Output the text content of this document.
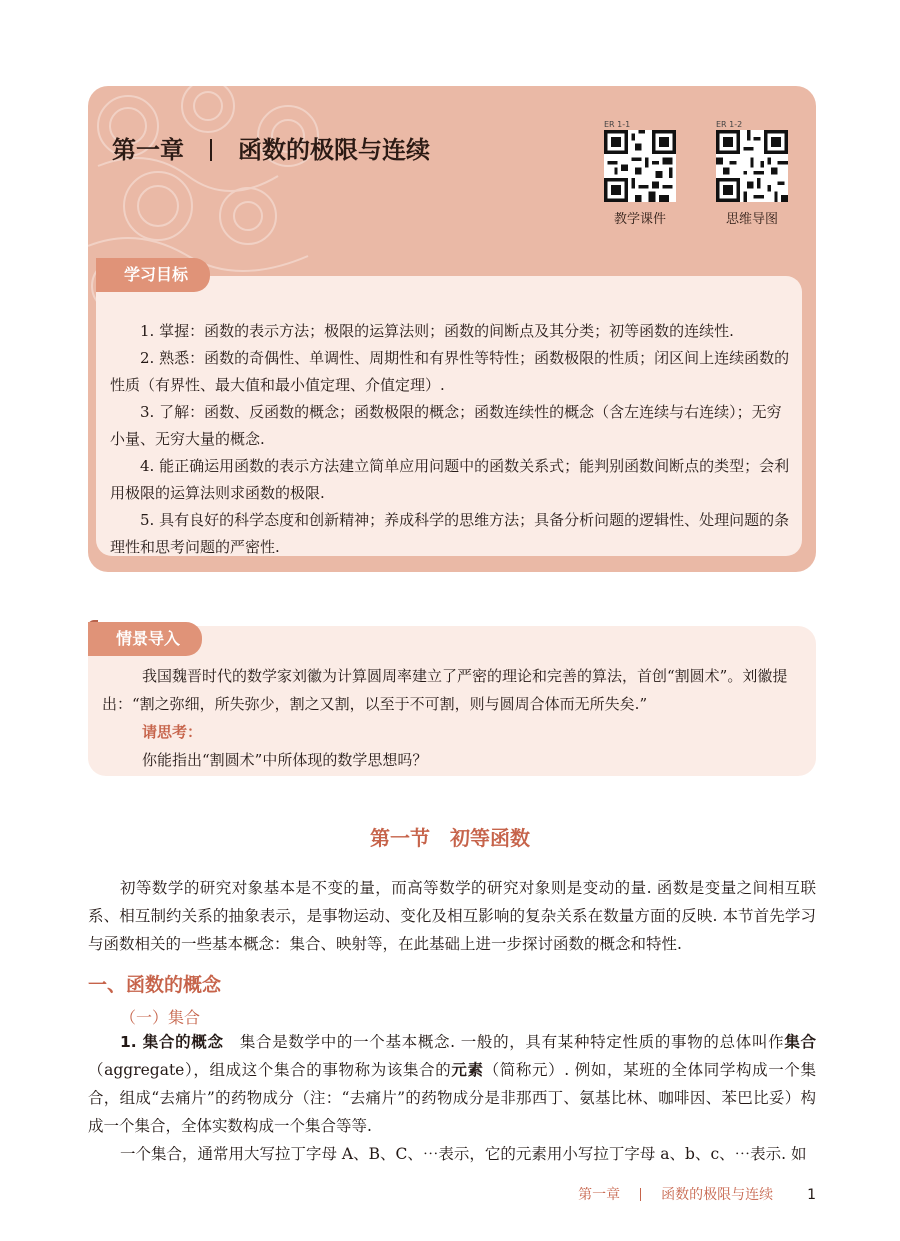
第一章 函数的极限与连续
ER 1-1
教学课件
ER 1-2
思维导图
学习目标

1. 掌握：函数的表示方法；极限的运算法则；函数的间断点及其分类；初等函数的连续性.

2. 熟悉：函数的奇偶性、单调性、周期性和有界性等特性；函数极限的性质；闭区间上连续函数的性质（有界性、最大值和最小值定理、介值定理）.

3. 了解：函数、反函数的概念；函数极限的概念；函数连续性的概念（含左连续与右连续）；无穷小量、无穷大量的概念.

4. 能正确运用函数的表示方法建立简单应用问题中的函数关系式；能判别函数间断点的类型；会利用极限的运算法则求函数的极限.

5. 具有良好的科学态度和创新精神；养成科学的思维方法；具备分析问题的逻辑性、处理问题的条理性和思考问题的严密性.

情景导入

我国魏晋时代的数学家刘徽为计算圆周率建立了严密的理论和完善的算法，首创“割圆术”。刘徽提出：“割之弥细，所失弥少，割之又割，以至于不可割，则与圆周合体而无所失矣.”

请思考：

你能指出“割圆术”中所体现的数学思想吗？

第一节　初等函数

初等数学的研究对象基本是不变的量，而高等数学的研究对象则是变动的量. 函数是变量之间相互联系、相互制约关系的抽象表示，是事物运动、变化及相互影响的复杂关系在数量方面的反映. 本节首先学习与函数相关的一些基本概念：集合、映射等，在此基础上进一步探讨函数的概念和特性.

一、函数的概念
（一）集合

1. 集合的概念　集合是数学中的一个基本概念. 一般的，具有某种特定性质的事物的总体叫作集合（aggregate），组成这个集合的事物称为该集合的元素（简称元）. 例如，某班的全体同学构成一个集合，组成“去痛片”的药物成分（注：“去痛片”的药物成分是非那西丁、氨基比林、咖啡因、苯巴比妥）构成一个集合，全体实数构成一个集合等等.

一个集合，通常用大写拉丁字母 A、B、C、⋯表示，它的元素用小写拉丁字母 a、b、c、⋯表示. 如

第一章	函数的极限与连续 1
